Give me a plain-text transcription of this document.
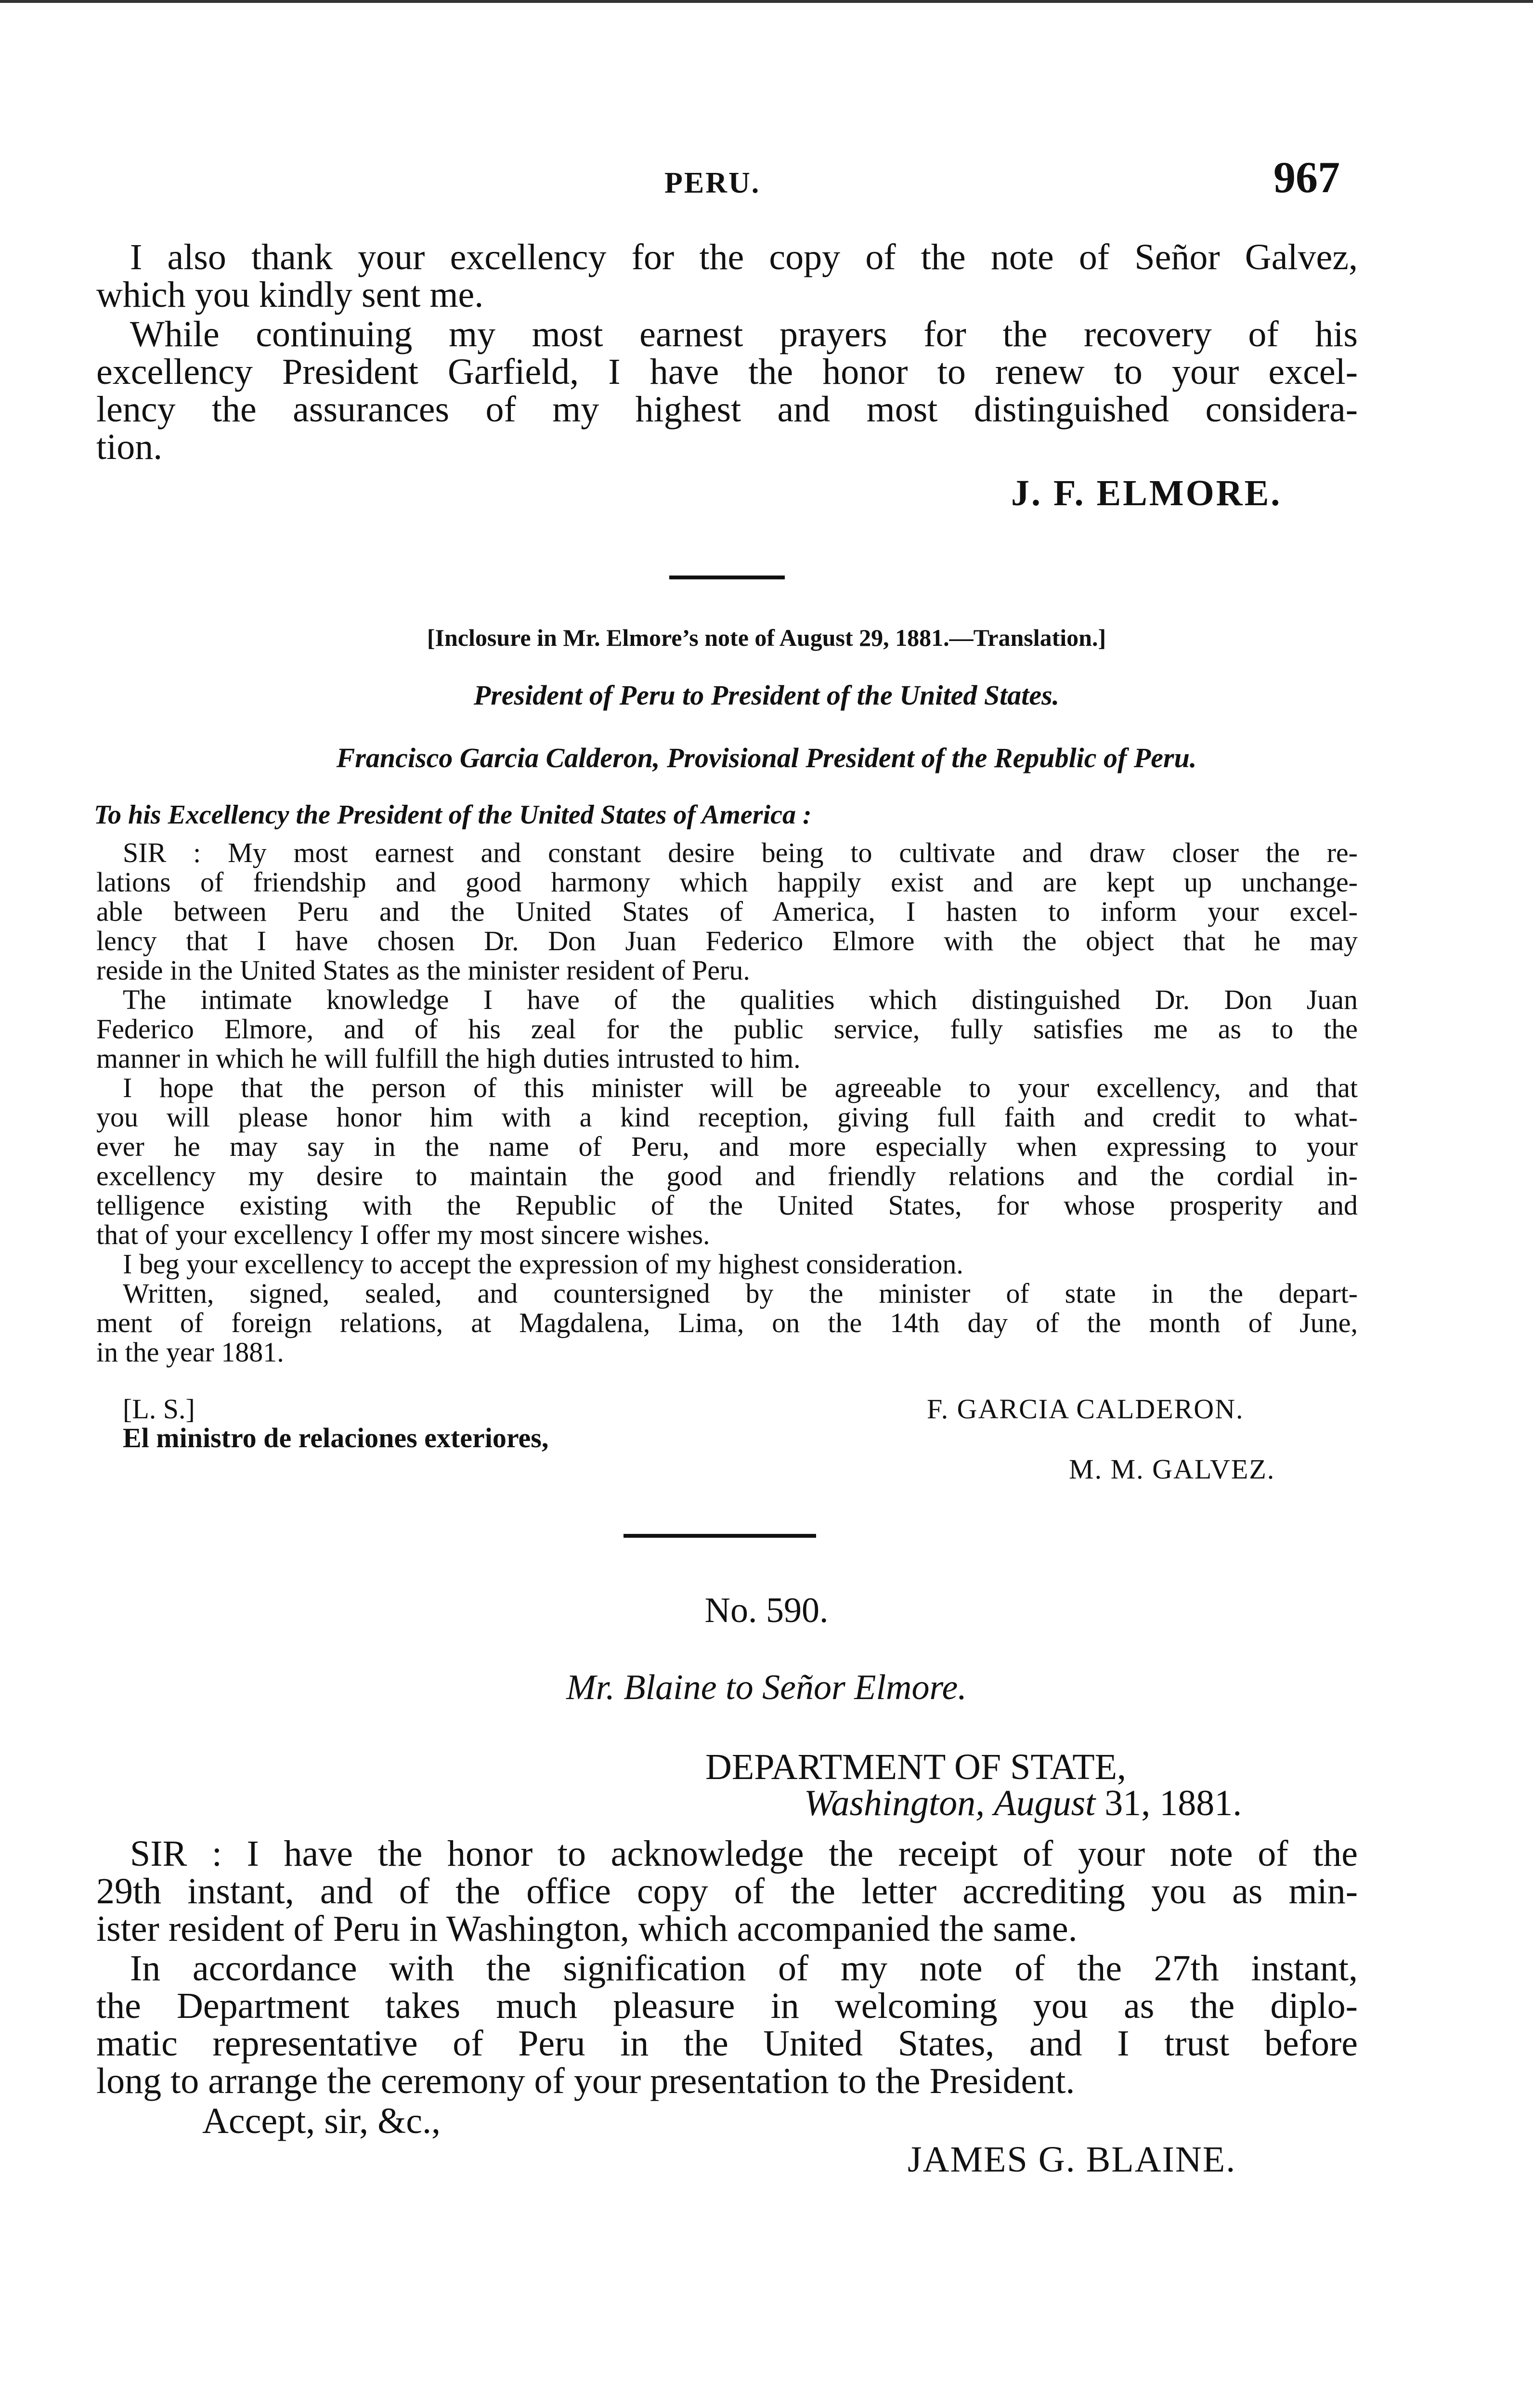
PERU.	967
I also thank your excellency for the copy of the note of Señor Galvez,
which you kindly sent me.
While continuing my most earnest prayers for the recovery of his
excellency President Garfield, I have the honor to renew to your excel-
lency the assurances of my highest and most distinguished considera-
tion.
J. F. ELMORE.
[Inclosure in Mr. Elmore’s note of August 29, 1881.—Translation.]
President of Peru to President of the United States.
Francisco Garcia Calderon, Provisional President of the Republic of Peru.
To his Excellency the President of the United States of America :
SIR : My most earnest and constant desire being to cultivate and draw closer the re-
lations of friendship and good harmony which happily exist and are kept up unchange-
able between Peru and the United States of America, I hasten to inform your excel-
lency that I have chosen Dr. Don Juan Federico Elmore with the object that he may
reside in the United States as the minister resident of Peru.
The intimate knowledge I have of the qualities which distinguished Dr. Don Juan
Federico Elmore, and of his zeal for the public service, fully satisfies me as to the
manner in which he will fulfill the high duties intrusted to him.
I hope that the person of this minister will be agreeable to your excellency, and that
you will please honor him with a kind reception, giving full faith and credit to what-
ever he may say in the name of Peru, and more especially when expressing to your
excellency my desire to maintain the good and friendly relations and the cordial in-
telligence existing with the Republic of the United States, for whose prosperity and
that of your excellency I offer my most sincere wishes.
I beg your excellency to accept the expression of my highest consideration.
Written, signed, sealed, and countersigned by the minister of state in the depart-
ment of foreign relations, at Magdalena, Lima, on the 14th day of the month of June,
in the year 1881.
[L. S.]	F. GARCIA CALDERON.
El ministro de relaciones exteriores,
M. M. GALVEZ.
No. 590.
Mr. Blaine to Señor Elmore.
DEPARTMENT OF STATE,
Washington, August 31, 1881.
SIR : I have the honor to acknowledge the receipt of your note of the
29th instant, and of the office copy of the letter accrediting you as min-
ister resident of Peru in Washington, which accompanied the same.
In accordance with the signification of my note of the 27th instant,
the Department takes much pleasure in welcoming you as the diplo-
matic representative of Peru in the United States, and I trust before
long to arrange the ceremony of your presentation to the President.
Accept, sir, &c.,
JAMES G. BLAINE.
